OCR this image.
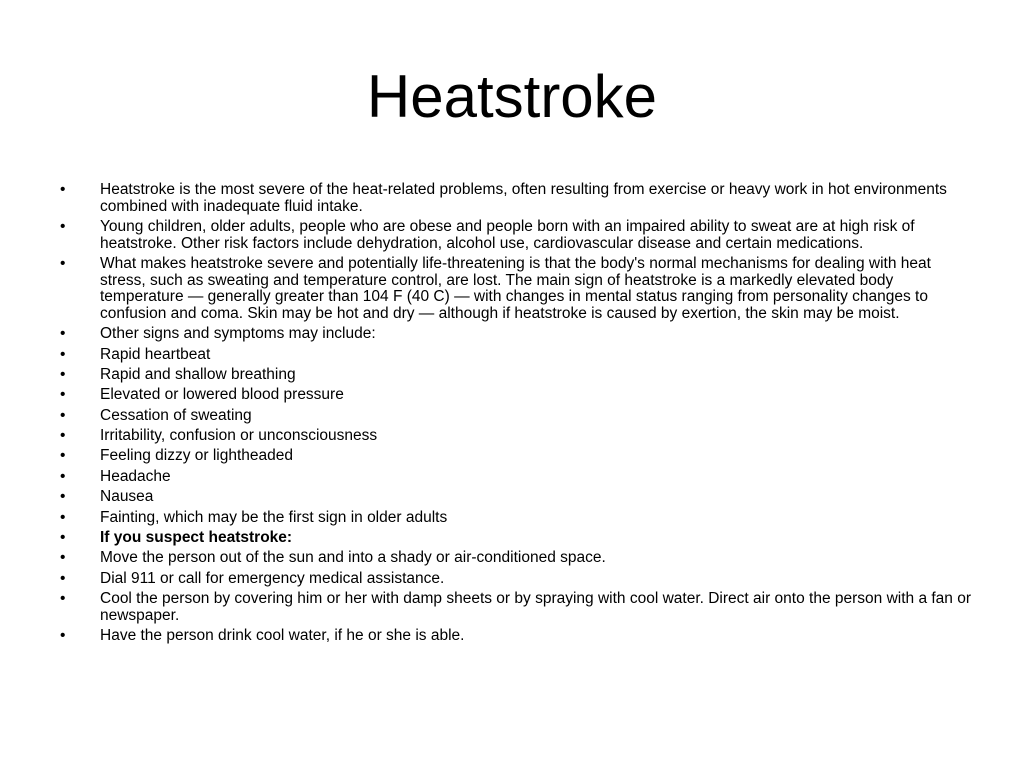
Heatstroke
•	Heatstroke is the most severe of the heat-related problems, often resulting from exercise or heavy work in hot environments combined with inadequate fluid intake.
•	Young children, older adults, people who are obese and people born with an impaired ability to sweat are at high risk of heatstroke. Other risk factors include dehydration, alcohol use, cardiovascular disease and certain medications.
•	What makes heatstroke severe and potentially life-threatening is that the body's normal mechanisms for dealing with heat stress, such as sweating and temperature control, are lost. The main sign of heatstroke is a markedly elevated body temperature — generally greater than 104 F (40 C) — with changes in mental status ranging from personality changes to confusion and coma. Skin may be hot and dry — although if heatstroke is caused by exertion, the skin may be moist.
•	Other signs and symptoms may include:
•	Rapid heartbeat
•	Rapid and shallow breathing
•	Elevated or lowered blood pressure
•	Cessation of sweating
•	Irritability, confusion or unconsciousness
•	Feeling dizzy or lightheaded
•	Headache
•	Nausea
•	Fainting, which may be the first sign in older adults
•	If you suspect heatstroke:
•	Move the person out of the sun and into a shady or air-conditioned space.
•	Dial 911 or call for emergency medical assistance.
•	Cool the person by covering him or her with damp sheets or by spraying with cool water. Direct air onto the person with a fan or newspaper.
•	Have the person drink cool water, if he or she is able.
